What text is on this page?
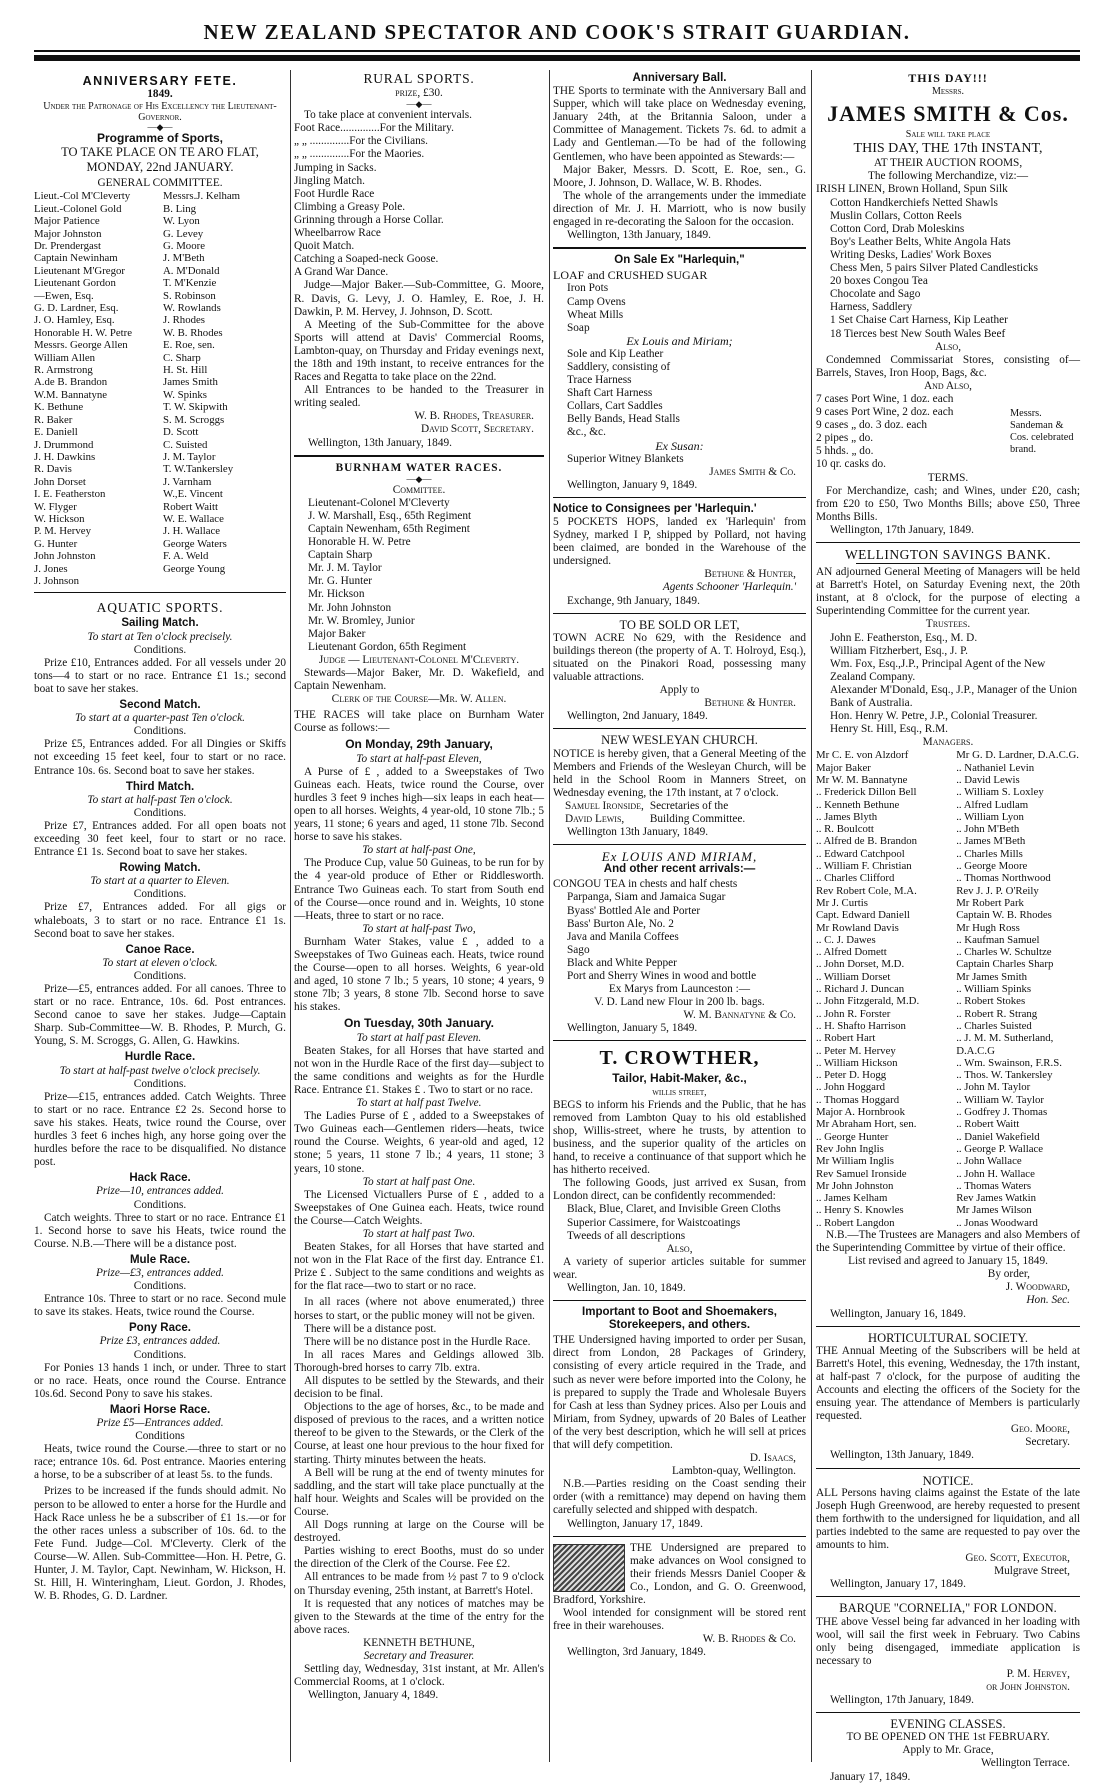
NEW ZEALAND SPECTATOR AND COOK'S STRAIT GUARDIAN.
ANNIVERSARY FETE.
1849.
Under the Patronage of His Excellency the Lieutenant-Governor.
—◆—
Programme of Sports,
TO TAKE PLACE ON TE ARO FLAT, MONDAY, 22nd JANUARY.
GENERAL COMMITTEE.
Lieut.-Col M'Cleverty
Lieut.-Colonel Gold
Major Patience
Major Johnston
Dr. Prendergast
Captain Newinham
Lieutenant M'Gregor
Lieutenant Gordon
—Ewen, Esq.
G. D. Lardner, Esq.
J. O. Hamley, Esq.
Honorable H. W. Petre
Messrs. George Allen
William Allen
R. Armstrong
A.de B. Brandon
W.M. Bannatyne
K. Bethune
R. Baker
E. Daniell
J. Drummond
J. H. Dawkins
R. Davis
John Dorset
I. E. Featherston
W. Flyger
W. Hickson
P. M. Hervey
G. Hunter
John Johnston
J. Jones
J. Johnson
Messrs.J. Kelham
B. Ling
W. Lyon
G. Levey
G. Moore
J. M'Beth
A. M'Donald
T. M'Kenzie
S. Robinson
W. Rowlands
J. Rhodes
W. B. Rhodes
E. Roe, sen.
C. Sharp
H. St. Hill
James Smith
W. Spinks
T. W. Skipwith
S. M. Scroggs
D. Scott
C. Suisted
J. M. Taylor
T. W.Tankersley
J. Varnham
W.,E. Vincent
Robert Waitt
W. E. Wallace
J. H. Wallace
George Waters
F. A. Weld
George Young
AQUATIC SPORTS.
Sailing Match.
To start at Ten o'clock precisely.
Conditions.

Prize £10, Entrances added. For all vessels under 20 tons—4 to start or no race. Entrance £1 1s.; second boat to save her stakes.

Second Match.
To start at a quarter-past Ten o'clock.
Conditions.

Prize £5, Entrances added. For all Dingies or Skiffs not exceeding 15 feet keel, four to start or no race. Entrance 10s. 6s. Second boat to save her stakes.

Third Match.
To start at half-past Ten o'clock.
Conditions.

Prize £7, Entrances added. For all open boats not exceeding 30 feet keel, four to start or no race. Entrance £1 1s. Second boat to save her stakes.

Rowing Match.
To start at a quarter to Eleven.
Conditions.

Prize £7, Entrances added. For all gigs or whaleboats, 3 to start or no race. Entrance £1 1s. Second boat to save her stakes.

Canoe Race.
To start at eleven o'clock.
Conditions.

Prize—£5, entrances added. For all canoes. Three to start or no race. Entrance, 10s. 6d. Post entrances. Second canoe to save her stakes. Judge—Captain Sharp. Sub-Committee—W. B. Rhodes, P. Murch, G. Young, S. M. Scroggs, G. Allen, G. Hawkins.

Hurdle Race.
To start at half-past twelve o'clock precisely.
Conditions.

Prize—£15, entrances added. Catch Weights. Three to start or no race. Entrance £2 2s. Second horse to save his stakes. Heats, twice round the Course, over hurdles 3 feet 6 inches high, any horse going over the hurdles before the race to be disqualified. No distance post.

Hack Race.
Prize—10, entrances added.
Conditions.

Catch weights. Three to start or no race. Entrance £1 1. Second horse to save his Heats, twice round the Course. N.B.—There will be a distance post.

Mule Race.
Prize—£3, entrances added.
Conditions.

Entrance 10s. Three to start or no race. Second mule to save its stakes. Heats, twice round the Course.

Pony Race.
Prize £3, entrances added.
Conditions.

For Ponies 13 hands 1 inch, or under. Three to start or no race. Heats, once round the Course. Entrance 10s.6d. Second Pony to save his stakes.

Maori Horse Race.
Prize £5—Entrances added.
Conditions

Heats, twice round the Course.—three to start or no race; entrance 10s. 6d. Post entrance. Maories entering a horse, to be a subscriber of at least 5s. to the funds.

Prizes to be increased if the funds should admit. No person to be allowed to enter a horse for the Hurdle and Hack Race unless he be a subscriber of £1 1s.—or for the other races unless a subscriber of 10s. 6d. to the Fete Fund. Judge—Col. M'Cleverty. Clerk of the Course—W. Allen. Sub-Committee—Hon. H. Petre, G. Hunter, J. M. Taylor, Capt. Newinham, W. Hickson, H. St. Hill, H. Winteringham, Lieut. Gordon, J. Rhodes, W. B. Rhodes, G. D. Lardner.

RURAL SPORTS.
prize, £30.
—◆—

To take place at convenient intervals.

Foot Race..............For the Military.
„ „ ..............For the Civilians.
„ „ ..............For the Maories.
Jumping in Sacks.
Jingling Match.
Foot Hurdle Race
Climbing a Greasy Pole.
Grinning through a Horse Collar.
Wheelbarrow Race
Quoit Match.
Catching a Soaped-neck Goose.
A Grand War Dance.

Judge—Major Baker.—Sub-Committee, G. Moore, R. Davis, G. Levy, J. O. Hamley, E. Roe, J. H. Dawkin, P. M. Hervey, J. Johnson, D. Scott.

A Meeting of the Sub-Committee for the above Sports will attend at Davis' Commercial Rooms, Lambton-quay, on Thursday and Friday evenings next, the 18th and 19th instant, to receive entrances for the Races and Regatta to take place on the 22nd.

All Entrances to be handed to the Treasurer in writing sealed.

W. B. Rhodes, Treasurer.
David Scott, Secretary.
Wellington, 13th January, 1849.
BURNHAM WATER RACES.
—◆—
Committee.
Lieutenant-Colonel M'Cleverty
J. W. Marshall, Esq., 65th Regiment
Captain Newenham, 65th Regiment
Honorable H. W. Petre
Captain Sharp
Mr. J. M. Taylor
Mr. G. Hunter
Mr. Hickson
Mr. John Johnston
Mr. W. Bromley, Junior
Major Baker
Lieutenant Gordon, 65th Regiment
Judge — Lieutenant-Colonel M'Cleverty.

Stewards—Major Baker, Mr. D. Wakefield, and Captain Newenham.

Clerk of the Course—Mr. W. Allen.

THE RACES will take place on Burnham Water Course as follows:—

On Monday, 29th January,
To start at half-past Eleven,

A Purse of £ , added to a Sweepstakes of Two Guineas each. Heats, twice round the Course, over hurdles 3 feet 9 inches high—six leaps in each heat—open to all horses. Weights, 4 year-old, 10 stone 7lb.; 5 years, 11 stone; 6 years and aged, 11 stone 7lb. Second horse to save his stakes.

To start at half-past One,

The Produce Cup, value 50 Guineas, to be run for by the 4 year-old produce of Ether or Riddlesworth. Entrance Two Guineas each. To start from South end of the Course—once round and in. Weights, 10 stone—Heats, three to start or no race.

To start at half-past Two,

Burnham Water Stakes, value £ , added to a Sweepstakes of Two Guineas each. Heats, twice round the Course—open to all horses. Weights, 6 year-old and aged, 10 stone 7 lb.; 5 years, 10 stone; 4 years, 9 stone 7lb; 3 years, 8 stone 7lb. Second horse to save his stakes.

On Tuesday, 30th January.
To start at half past Eleven.

Beaten Stakes, for all Horses that have started and not won in the Hurdle Race of the first day—subject to the same conditions and weights as for the Hurdle Race. Entrance £1. Stakes £ . Two to start or no race.

To start at half past Twelve.

The Ladies Purse of £ , added to a Sweepstakes of Two Guineas each—Gentlemen riders—heats, twice round the Course. Weights, 6 year-old and aged, 12 stone; 5 years, 11 stone 7 lb.; 4 years, 11 stone; 3 years, 10 stone.

To start at half past One.

The Licensed Victuallers Purse of £ , added to a Sweepstakes of One Guinea each. Heats, twice round the Course—Catch Weights.

To start at half past Two.

Beaten Stakes, for all Horses that have started and not won in the Flat Race of the first day. Entrance £1. Prize £ . Subject to the same conditions and weights as for the flat race—two to start or no race.

In all races (where not above enumerated,) three horses to start, or the public money will not be given.

There will be a distance post.

There will be no distance post in the Hurdle Race.

In all races Mares and Geldings allowed 3lb. Thorough-bred horses to carry 7lb. extra.

All disputes to be settled by the Stewards, and their decision to be final.

Objections to the age of horses, &c., to be made and disposed of previous to the races, and a written notice thereof to be given to the Stewards, or the Clerk of the Course, at least one hour previous to the hour fixed for starting. Thirty minutes between the heats.

A Bell will be rung at the end of twenty minutes for saddling, and the start will take place punctually at the half hour. Weights and Scales will be provided on the Course.

All Dogs running at large on the Course will be destroyed.

Parties wishing to erect Booths, must do so under the direction of the Clerk of the Course. Fee £2.

All entrances to be made from ½ past 7 to 9 o'clock on Thursday evening, 25th instant, at Barrett's Hotel.

It is requested that any notices of matches may be given to the Stewards at the time of the entry for the above races.

KENNETH BETHUNE,
Secretary and Treasurer.

Settling day, Wednesday, 31st instant, at Mr. Allen's Commercial Rooms, at 1 o'clock.

Wellington, January 4, 1849.
Anniversary Ball.

THE Sports to terminate with the Anniversary Ball and Supper, which will take place on Wednesday evening, January 24th, at the Britannia Saloon, under a Committee of Management. Tickets 7s. 6d. to admit a Lady and Gentleman.—To be had of the following Gentlemen, who have been appointed as Stewards:—

Major Baker, Messrs. D. Scott, E. Roe, sen., G. Moore, J. Johnson, D. Wallace, W. B. Rhodes.

The whole of the arrangements under the immediate direction of Mr. J. H. Marriott, who is now busily engaged in re-decorating the Saloon for the occasion.

Wellington, 13th January, 1849.
On Sale Ex "Harlequin,"
LOAF and CRUSHED SUGAR
Iron Pots
Camp Ovens
Wheat Mills
Soap
Ex Louis and Miriam;
Sole and Kip Leather
Saddlery, consisting of
Trace Harness
Shaft Cart Harness
Collars, Cart Saddles
Belly Bands, Head Stalls
&c., &c.
Ex Susan:
Superior Witney Blankets
James Smith & Co.
Wellington, January 9, 1849.
Notice to Consignees per 'Harlequin.'

5 POCKETS HOPS, landed ex 'Harlequin' from Sydney, marked I P, shipped by Pollard, not having been claimed, are bonded in the Warehouse of the undersigned.

Bethune & Hunter,
Agents Schooner 'Harlequin.'
Exchange, 9th January, 1849.
TO BE SOLD OR LET,

TOWN ACRE No 629, with the Residence and buildings thereon (the property of A. T. Holroyd, Esq.), situated on the Pinakori Road, possessing many valuable attractions.

Apply to
Bethune & Hunter.
Wellington, 2nd January, 1849.
NEW WESLEYAN CHURCH.

NOTICE is hereby given, that a General Meeting of the Members and Friends of the Wesleyan Church, will be held in the School Room in Manners Street, on Wednesday evening, the 17th instant, at 7 o'clock.

Samuel Ironside,
David Lewis,
Secretaries of the Building Committee.
Wellington 13th January, 1849.
Ex LOUIS AND MIRIAM,
And other recent arrivals:—
CONGOU TEA in chests and half chests
Parpanga, Siam and Jamaica Sugar
Byass' Bottled Ale and Porter
Bass' Burton Ale, No. 2
Java and Manila Coffees
Sago
Black and White Pepper
Port and Sherry Wines in wood and bottle
Ex Marys from Launceston :—
V. D. Land new Flour in 200 lb. bags.
W. M. Bannatyne & Co.
Wellington, January 5, 1849.
T. CROWTHER,
Tailor, Habit-Maker, &c.,
willis street,

BEGS to inform his Friends and the Public, that he has removed from Lambton Quay to his old established shop, Willis-street, where he trusts, by attention to business, and the superior quality of the articles on hand, to receive a continuance of that support which he has hitherto received.

The following Goods, just arrived ex Susan, from London direct, can be confidently recommended:

Black, Blue, Claret, and Invisible Green Cloths
Superior Cassimere, for Waistcoatings
Tweeds of all descriptions
Also,

A variety of superior articles suitable for summer wear.

Wellington, Jan. 10, 1849.
Important to Boot and Shoemakers, Storekeepers, and others.

THE Undersigned having imported to order per Susan, direct from London, 28 Packages of Grindery, consisting of every article required in the Trade, and such as never were before imported into the Colony, he is prepared to supply the Trade and Wholesale Buyers for Cash at less than Sydney prices. Also per Louis and Miriam, from Sydney, upwards of 20 Bales of Leather of the very best description, which he will sell at prices that will defy competition.

D. Isaacs,
Lambton-quay, Wellington.

N.B.—Parties residing on the Coast sending their order (with a remittance) may depend on having them carefully selected and shipped with despatch.

Wellington, January 17, 1849.

THE Undersigned are prepared to make advances on Wool consigned to their friends Messrs Daniel Cooper & Co., London, and G. O. Greenwood, Bradford, Yorkshire.

Wool intended for consignment will be stored rent free in their warehouses.

W. B. Rhodes & Co.
Wellington, 3rd January, 1849.
THIS DAY!!!
Messrs.
JAMES SMITH & Cos.
Sale will take place
THIS DAY, THE 17th INSTANT,
AT THEIR AUCTION ROOMS,
The following Merchandize, viz:—
IRISH LINEN, Brown Holland, Spun Silk
Cotton Handkerchiefs Netted Shawls
Muslin Collars, Cotton Reels
Cotton Cord, Drab Moleskins
Boy's Leather Belts, White Angola Hats
Writing Desks, Ladies' Work Boxes
Chess Men, 5 pairs Silver Plated Candlesticks
20 boxes Congou Tea
Chocolate and Sago
Harness, Saddlery
1 Set Chaise Cart Harness, Kip Leather
18 Tierces best New South Wales Beef
Also,

Condemned Commissariat Stores, consisting of—Barrels, Staves, Iron Hoop, Bags, &c.

And Also,
7 cases Port Wine, 1 doz. each
9 cases Port Wine, 2 doz. each
9 cases „ do. 3 doz. each
2 pipes „ do.
5 hhds. „ do.
10 qr. casks do.
Messrs. Sandeman & Cos. celebrated brand.
TERMS.

For Merchandize, cash; and Wines, under £20, cash; from £20 to £50, Two Months Bills; above £50, Three Months Bills.

Wellington, 17th January, 1849.
WELLINGTON SAVINGS BANK.

AN adjourned General Meeting of Managers will be held at Barrett's Hotel, on Saturday Evening next, the 20th instant, at 8 o'clock, for the purpose of electing a Superintending Committee for the current year.

Trustees.
John E. Featherston, Esq., M. D.
William Fitzherbert, Esq., J. P.
Wm. Fox, Esq.,J.P., Principal Agent of the New Zealand Company.
Alexander M'Donald, Esq., J.P., Manager of the Union Bank of Australia.
Hon. Henry W. Petre, J.P., Colonial Treasurer.
Henry St. Hill, Esq., R.M.
Managers.
Mr C. E. von Alzdorf
Major Baker
Mr W. M. Bannatyne
.. Frederick Dillon Bell
.. Kenneth Bethune
.. James Blyth
.. R. Boulcott
.. Alfred de B. Brandon
.. Edward Catchpool
.. William F. Christian
.. Charles Clifford
Rev Robert Cole, M.A.
Mr J. Curtis
Capt. Edward Daniell
Mr Rowland Davis
.. C. J. Dawes
.. Alfred Domett
.. John Dorset, M.D.
.. William Dorset
.. Richard J. Duncan
.. John Fitzgerald, M.D.
.. John R. Forster
.. H. Shafto Harrison
.. Robert Hart
.. Peter M. Hervey
.. William Hickson
.. Peter D. Hogg
.. John Hoggard
.. Thomas Hoggard
Major A. Hornbrook
Mr Abraham Hort, sen.
.. George Hunter
Rev John Inglis
Mr William Inglis
Rev Samuel Ironside
Mr John Johnston
.. James Kelham
.. Henry S. Knowles
.. Robert Langdon
Mr G. D. Lardner, D.A.C.G.
.. Nathaniel Levin
.. David Lewis
.. William S. Loxley
.. Alfred Ludlam
.. William Lyon
.. John M'Beth
.. James M'Beth
.. Charles Mills
.. George Moore
.. Thomas Northwood
Rev J. J. P. O'Reily
Mr Robert Park
Captain W. B. Rhodes
Mr Hugh Ross
.. Kaufman Samuel
.. Charles W. Schultze
Captain Charles Sharp
Mr James Smith
.. William Spinks
.. Robert Stokes
.. Robert R. Strang
.. Charles Suisted
.. J. M. M. Sutherland, D.A.C.G
.. Wm. Swainson, F.R.S.
.. Thos. W. Tankersley
.. John M. Taylor
.. William W. Taylor
.. Godfrey J. Thomas
.. Robert Waitt
.. Daniel Wakefield
.. George P. Wallace
.. John Wallace
.. John H. Wallace
.. Thomas Waters
Rev James Watkin
Mr James Wilson
.. Jonas Woodward

N.B.—The Trustees are Managers and also Members of the Superintending Committee by virtue of their office.

List revised and agreed to January 15, 1849.
By order,
J. Woodward,
Hon. Sec.
Wellington, January 16, 1849.
HORTICULTURAL SOCIETY.

THE Annual Meeting of the Subscribers will be held at Barrett's Hotel, this evening, Wednesday, the 17th instant, at half-past 7 o'clock, for the purpose of auditing the Accounts and electing the officers of the Society for the ensuing year. The attendance of Members is particularly requested.

Geo. Moore,
Secretary.
Wellington, 13th January, 1849.
NOTICE.

ALL Persons having claims against the Estate of the late Joseph Hugh Greenwood, are hereby requested to present them forthwith to the undersigned for liquidation, and all parties indebted to the same are requested to pay over the amounts to him.

Geo. Scott, Executor,
Mulgrave Street,
Wellington, January 17, 1849.
BARQUE "CORNELIA," FOR LONDON.

THE above Vessel being far advanced in her loading with wool, will sail the first week in February. Two Cabins only being disengaged, immediate application is necessary to

P. M. Hervey,
or John Johnston.
Wellington, 17th January, 1849.
EVENING CLASSES.
TO BE OPENED ON THE 1st FEBRUARY.
Apply to Mr. Grace,
Wellington Terrace.
January 17, 1849.
